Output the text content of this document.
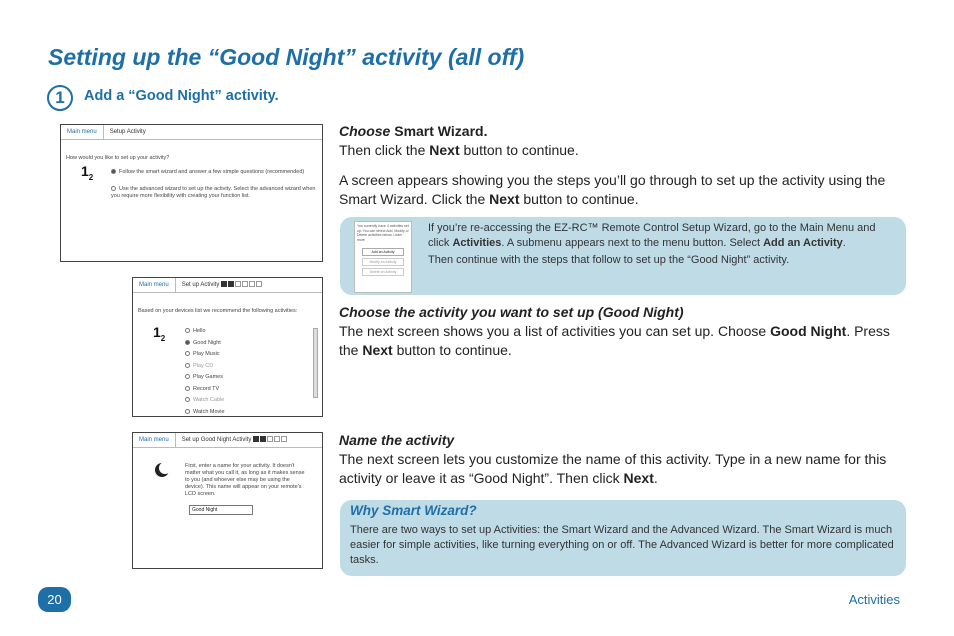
Setting up the “Good Night” activity (all off)
1	Add a “Good Night” activity.
Main menu Setup Activity
How would you like to set up your activity?
$1_2$
Follow the smart wizard and answer a few simple questions (recommended)
Use the advanced wizard to set up the activity. Select the advanced wizard when you require more flexibility with creating your function list.
Main menu Set up Activity
Based on your devices list we recommend the following activities:
$1_2$
Hello
Good Night
Play Music
Play CD
Play Games
Record TV
Watch Cable
Watch Movie
Main menu Set up Good Night Activity
First, enter a name for your activity. It doesn't matter what you call it, as long as it makes sense to you (and whoever else may be using the device). This name will appear on your remote's LCD screen.
Good Night
Choose Smart Wizard.
Then click the Next button to continue.
A screen appears showing you the steps you’ll go through to set up the activity using the Smart Wizard. Click the Next button to continue.
You currently have 4 activities set up. You can select Add, Modify or Delete activities below. Learn more
Add an Activity
Modify an Activity
Delete an Activity
If you’re re-accessing the EZ-RC™ Remote Control Setup Wizard, go to the Main Menu and click Activities. A submenu appears next to the menu button. Select Add an Activity.
Then continue with the steps that follow to set up the “Good Night” activity.
Choose the activity you want to set up (Good Night)
The next screen shows you a list of activities you can set up. Choose Good Night. Press the Next button to continue.
Name the activity
The next screen lets you customize the name of this activity. Type in a new name for this activity or leave it as “Good Night”. Then click Next.
Why Smart Wizard?
There are two ways to set up Activities: the Smart Wizard and the Advanced Wizard. The Smart Wizard is much easier for simple activities, like turning everything on or off. The Advanced Wizard is better for more complicated tasks.
20	Activities
